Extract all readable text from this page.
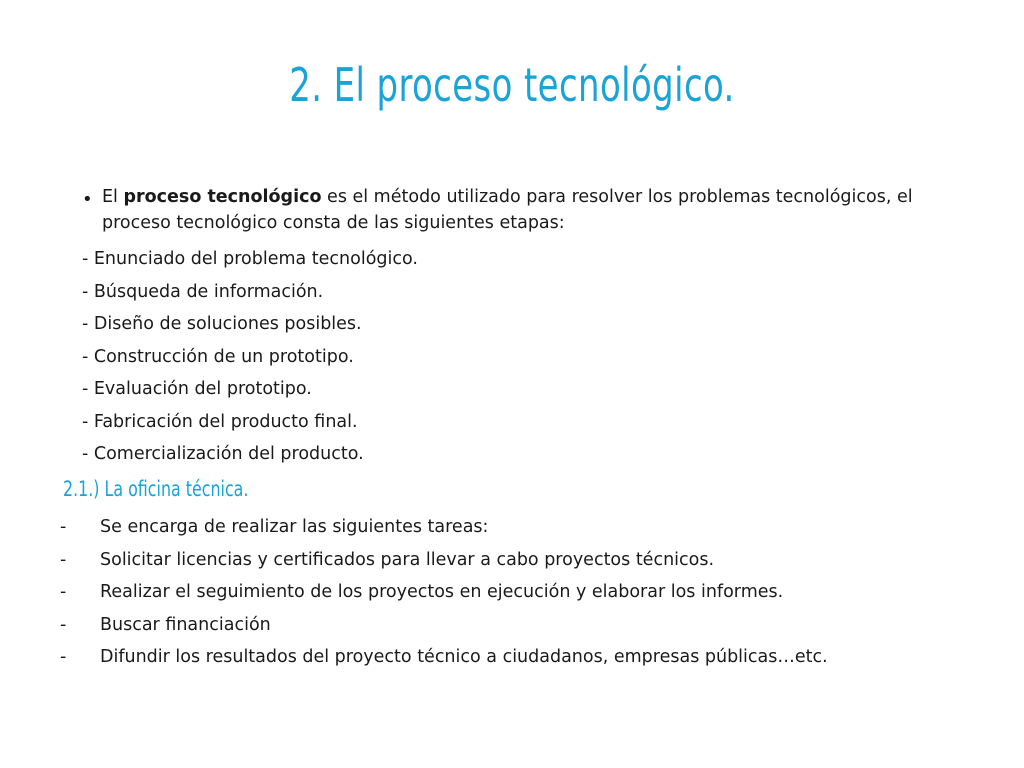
2. El proceso tecnológico.
• El proceso tecnológico es el método utilizado para resolver los problemas tecnológicos, el proceso tecnológico consta de las siguientes etapas:
- Enunciado del problema tecnológico.
- Búsqueda de información.
- Diseño de soluciones posibles.
- Construcción de un prototipo.
- Evaluación del prototipo.
- Fabricación del producto final.
- Comercialización del producto.
2.1.) La oficina técnica.
-	Se encarga de realizar las siguientes tareas:
-	Solicitar licencias y certificados para llevar a cabo proyectos técnicos.
-	Realizar el seguimiento de los proyectos en ejecución y elaborar los informes.
-	Buscar financiación
-	Difundir los resultados del proyecto técnico a ciudadanos, empresas públicas…etc.
